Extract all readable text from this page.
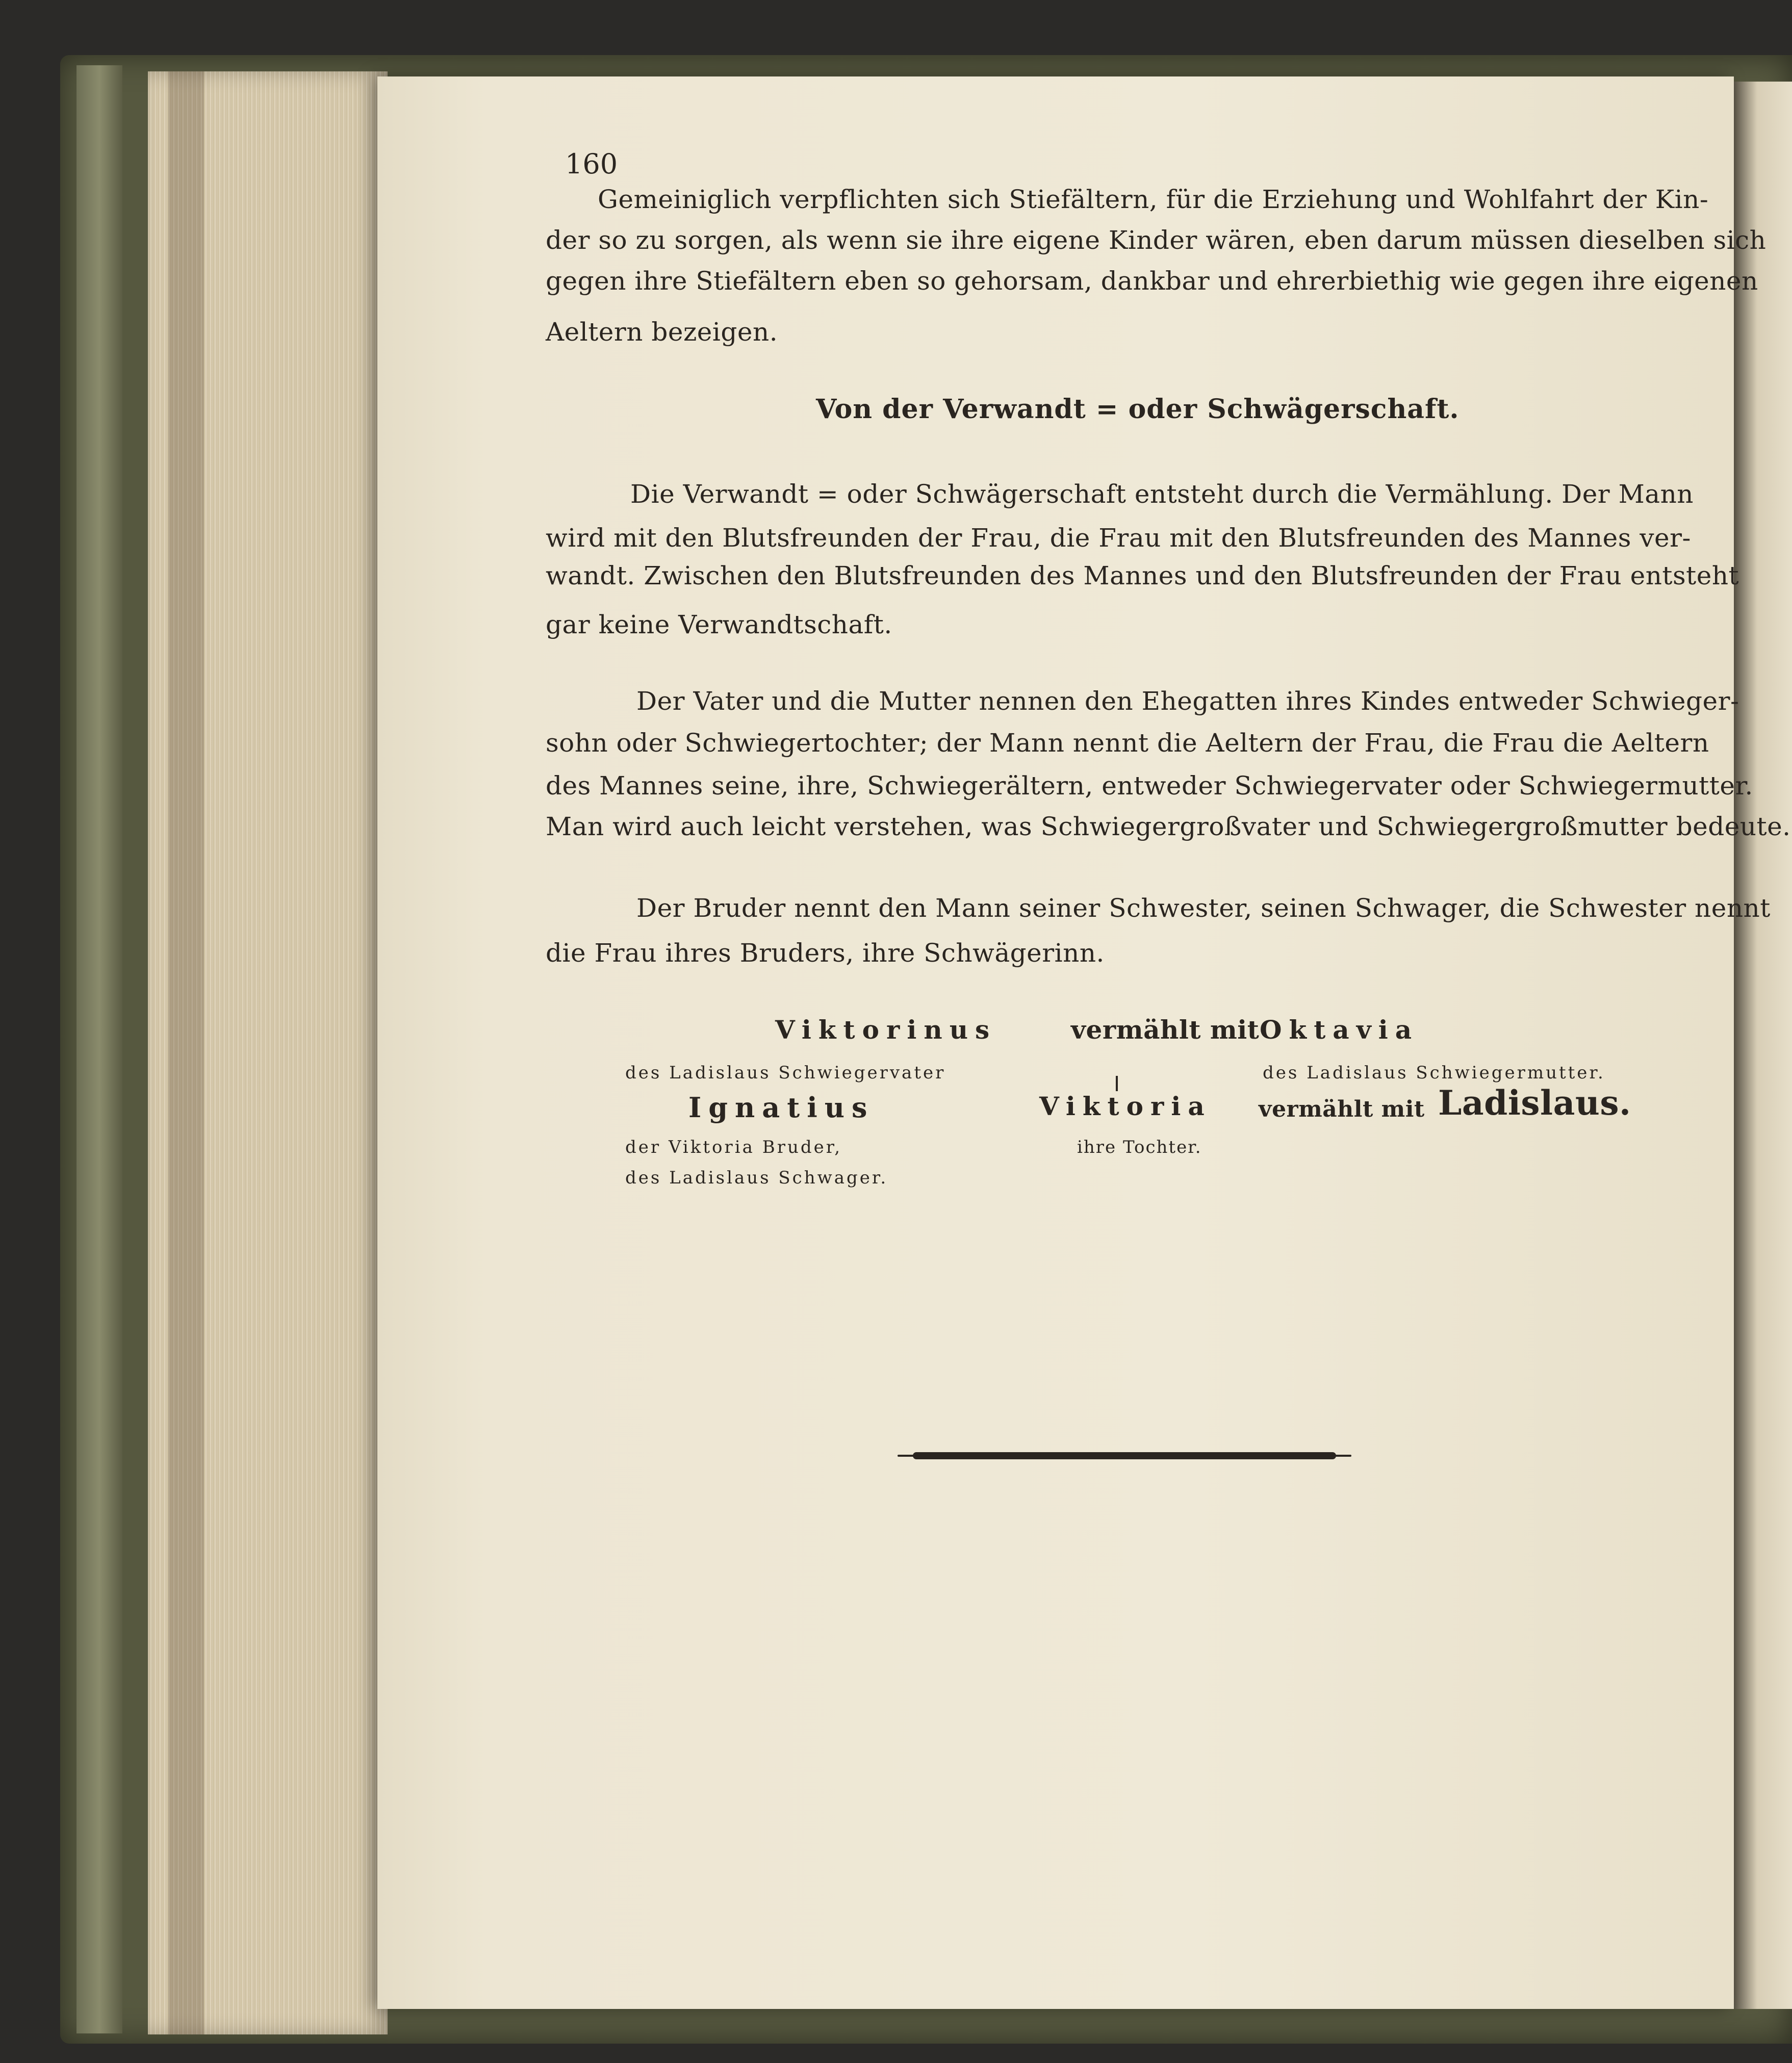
160
Gemeiniglich verpflichten sich Stiefältern, für die Erziehung und Wohlfahrt der Kin-
der so zu sorgen, als wenn sie ihre eigene Kinder wären, eben darum müssen dieselben sich
gegen ihre Stiefältern eben so gehorsam, dankbar und ehrerbiethig wie gegen ihre eigenen
Aeltern bezeigen.
Von der Verwandt = oder Schwägerschaft.
Die Verwandt = oder Schwägerschaft entsteht durch die Vermählung. Der Mann
wird mit den Blutsfreunden der Frau, die Frau mit den Blutsfreunden des Mannes ver-
wandt. Zwischen den Blutsfreunden des Mannes und den Blutsfreunden der Frau entsteht
gar keine Verwandtschaft.
Der Vater und die Mutter nennen den Ehegatten ihres Kindes entweder Schwieger-
sohn oder Schwiegertochter; der Mann nennt die Aeltern der Frau, die Frau die Aeltern
des Mannes seine, ihre, Schwiegerältern, entweder Schwiegervater oder Schwiegermutter.
Man wird auch leicht verstehen, was Schwiegergroßvater und Schwiegergroßmutter bedeute.
Der Bruder nennt den Mann seiner Schwester, seinen Schwager, die Schwester nennt
die Frau ihres Bruders, ihre Schwägerinn.
Viktorinus	vermählt mit Oktavia
des Ladislaus Schwiegervater	des Ladislaus Schwiegermutter.
Ignatius	Viktoria vermählt mit Ladislaus.
der Viktoria Bruder,	ihre Tochter.
des Ladislaus Schwager.
